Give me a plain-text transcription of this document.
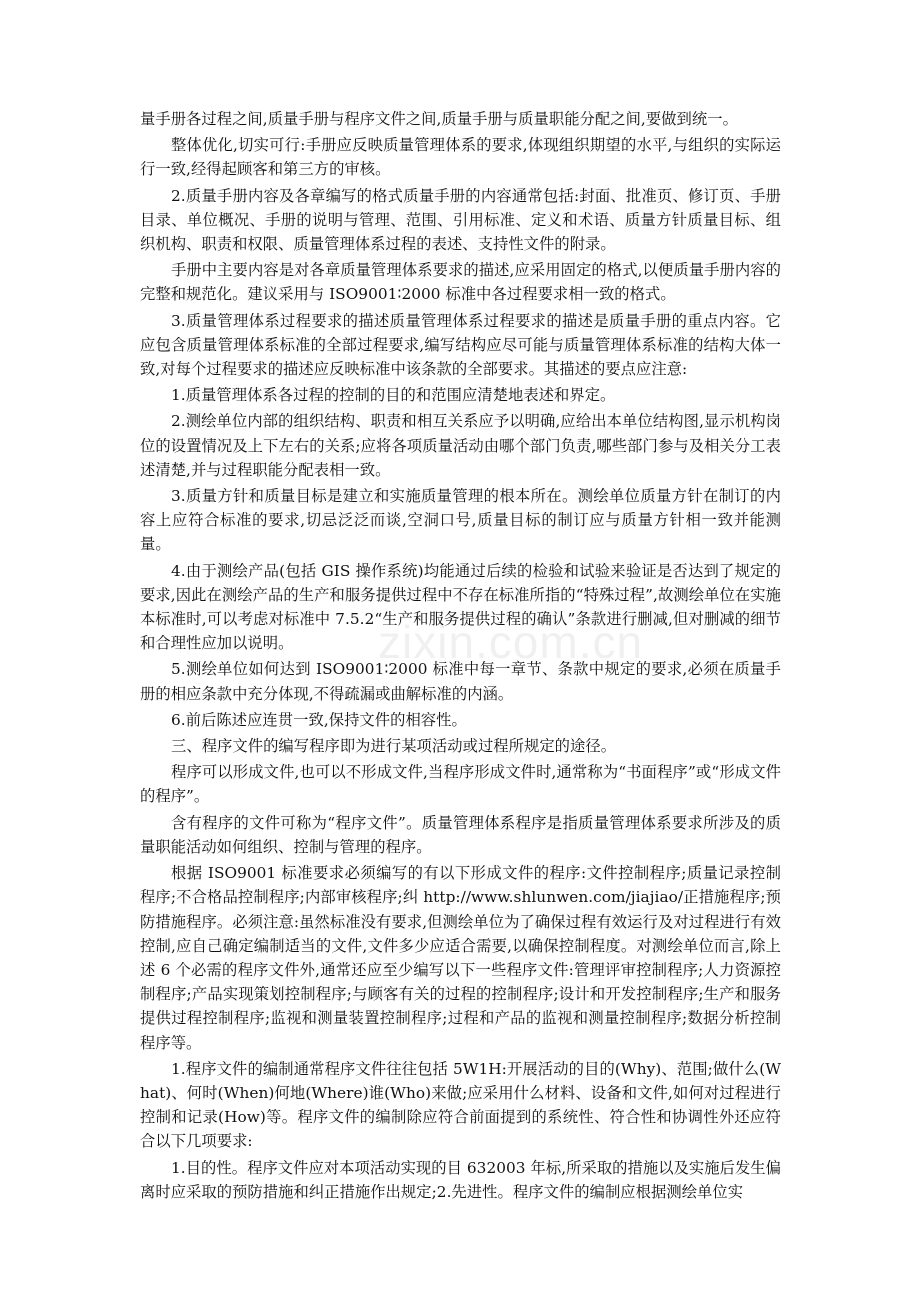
zixin.com.cn

量手册各过程之间,质量手册与程序文件之间,质量手册与质量职能分配之间,要做到统一。

整体优化,切实可行:手册应反映质量管理体系的要求,体现组织期望的水平,与组织的实际运行一致,经得起顾客和第三方的审核。

2.质量手册内容及各章编写的格式质量手册的内容通常包括:封面、批准页、修订页、手册目录、单位概况、手册的说明与管理、范围、引用标准、定义和术语、质量方针质量目标、组织机构、职责和权限、质量管理体系过程的表述、支持性文件的附录。

手册中主要内容是对各章质量管理体系要求的描述,应采用固定的格式,以便质量手册内容的完整和规范化。建议采用与 ISO9001∶2000 标准中各过程要求相一致的格式。

3.质量管理体系过程要求的描述质量管理体系过程要求的描述是质量手册的重点内容。它应包含质量管理体系标准的全部过程要求,编写结构应尽可能与质量管理体系标准的结构大体一致,对每个过程要求的描述应反映标准中该条款的全部要求。其描述的要点应注意:

1.质量管理体系各过程的控制的目的和范围应清楚地表述和界定。

2.测绘单位内部的组织结构、职责和相互关系应予以明确,应给出本单位结构图,显示机构岗位的设置情况及上下左右的关系;应将各项质量活动由哪个部门负责,哪些部门参与及相关分工表述清楚,并与过程职能分配表相一致。

3.质量方针和质量目标是建立和实施质量管理的根本所在。测绘单位质量方针在制订的内容上应符合标准的要求,切忌泛泛而谈,空洞口号,质量目标的制订应与质量方针相一致并能测量。

4.由于测绘产品(包括 GIS 操作系统)均能通过后续的检验和试验来验证是否达到了规定的要求,因此在测绘产品的生产和服务提供过程中不存在标准所指的“特殊过程”,故测绘单位在实施本标准时,可以考虑对标准中 7.5.2“生产和服务提供过程的确认”条款进行删减,但对删减的细节和合理性应加以说明。

5.测绘单位如何达到 ISO9001∶2000 标准中每一章节、条款中规定的要求,必须在质量手册的相应条款中充分体现,不得疏漏或曲解标准的内涵。

6.前后陈述应连贯一致,保持文件的相容性。

三、程序文件的编写程序即为进行某项活动或过程所规定的途径。

程序可以形成文件,也可以不形成文件,当程序形成文件时,通常称为“书面程序”或“形成文件的程序”。

含有程序的文件可称为“程序文件”。质量管理体系程序是指质量管理体系要求所涉及的质量职能活动如何组织、控制与管理的程序。

根据 ISO9001 标准要求必须编写的有以下形成文件的程序:文件控制程序;质量记录控制程序;不合格品控制程序;内部审核程序;纠 http://www.shlunwen.com/jiajiao/正措施程序;预防措施程序。必须注意:虽然标准没有要求,但测绘单位为了确保过程有效运行及对过程进行有效控制,应自己确定编制适当的文件,文件多少应适合需要,以确保控制程度。对测绘单位而言,除上述 6 个必需的程序文件外,通常还应至少编写以下一些程序文件:管理评审控制程序;人力资源控制程序;产品实现策划控制程序;与顾客有关的过程的控制程序;设计和开发控制程序;生产和服务提供过程控制程序;监视和测量装置控制程序;过程和产品的监视和测量控制程序;数据分析控制程序等。

1.程序文件的编制通常程序文件往往包括 5W1H:开展活动的目的(Why)、范围;做什么(What)、何时(When)何地(Where)谁(Who)来做;应采用什么材料、设备和文件,如何对过程进行控制和记录(How)等。程序文件的编制除应符合前面提到的系统性、符合性和协调性外还应符合以下几项要求:

1.目的性。程序文件应对本项活动实现的目 632003 年标,所采取的措施以及实施后发生偏离时应采取的预防措施和纠正措施作出规定;2.先进性。程序文件的编制应根据测绘单位实
